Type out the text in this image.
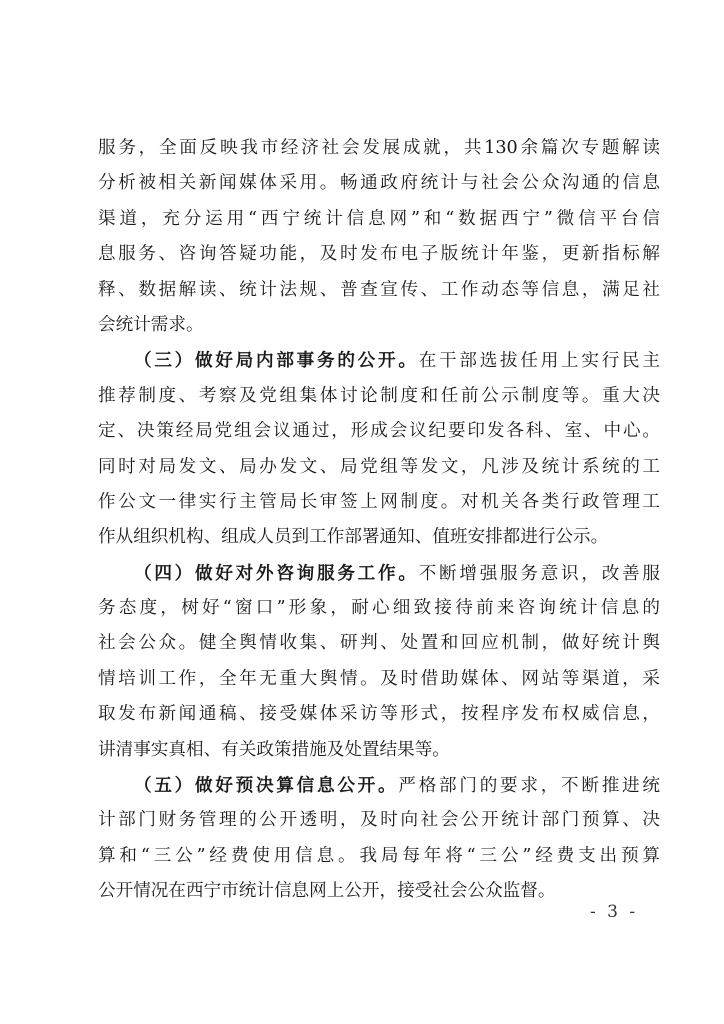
服务，全面反映我市经济社会发展成就，共130余篇次专题解读
分析被相关新闻媒体采用。畅通政府统计与社会公众沟通的信息
渠道，充分运用“西宁统计信息网”和“数据西宁”微信平台信
息服务、咨询答疑功能，及时发布电子版统计年鉴，更新指标解
释、数据解读、统计法规、普查宣传、工作动态等信息，满足社
会统计需求。
（三）做好局内部事务的公开。在干部选拔任用上实行民主
推荐制度、考察及党组集体讨论制度和任前公示制度等。重大决
定、决策经局党组会议通过，形成会议纪要印发各科、室、中心。
同时对局发文、局办发文、局党组等发文，凡涉及统计系统的工
作公文一律实行主管局长审签上网制度。对机关各类行政管理工
作从组织机构、组成人员到工作部署通知、值班安排都进行公示。
（四）做好对外咨询服务工作。不断增强服务意识，改善服
务态度，树好“窗口”形象，耐心细致接待前来咨询统计信息的
社会公众。健全舆情收集、研判、处置和回应机制，做好统计舆
情培训工作，全年无重大舆情。及时借助媒体、网站等渠道，采
取发布新闻通稿、接受媒体采访等形式，按程序发布权威信息，
讲清事实真相、有关政策措施及处置结果等。
（五）做好预决算信息公开。严格部门的要求，不断推进统
计部门财务管理的公开透明，及时向社会公开统计部门预算、决
算和“三公”经费使用信息。我局每年将“三公”经费支出预算
公开情况在西宁市统计信息网上公开，接受社会公众监督。
- 3 -
